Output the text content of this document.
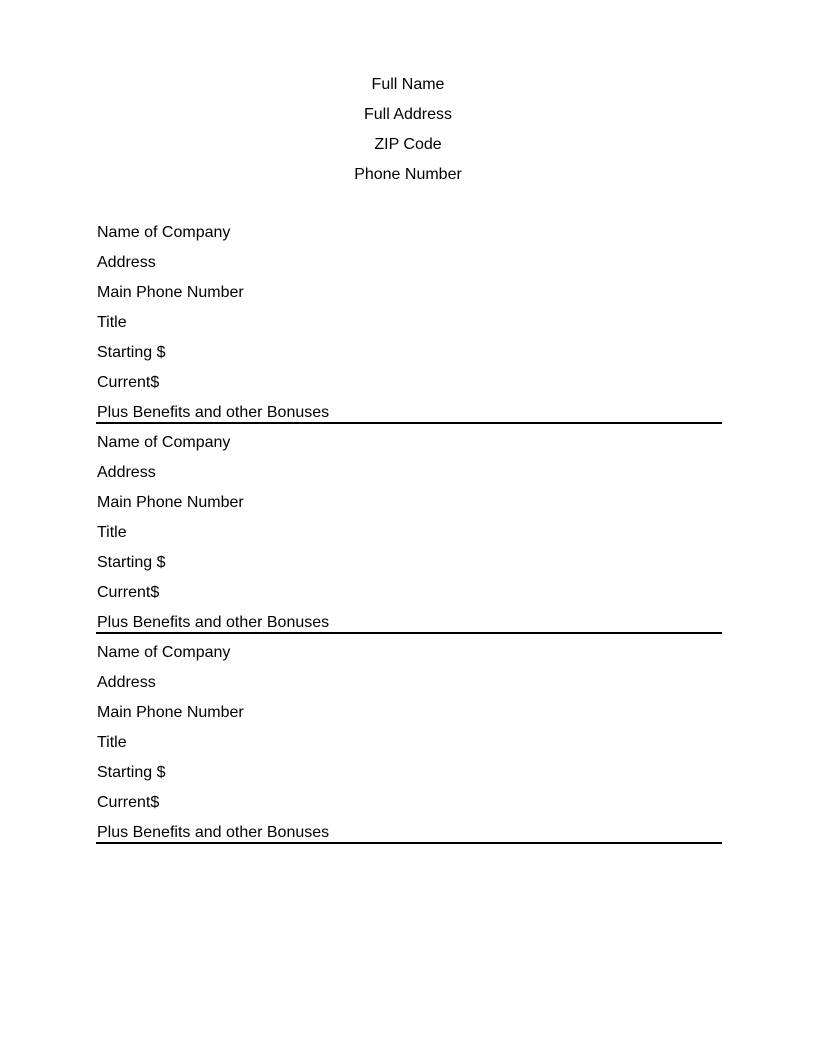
Full Name
Full Address
ZIP Code
Phone Number
Name of Company
Address
Main Phone Number
Title
Starting $
Current$
Plus Benefits and other Bonuses
Name of Company
Address
Main Phone Number
Title
Starting $
Current$
Plus Benefits and other Bonuses
Name of Company
Address
Main Phone Number
Title
Starting $
Current$
Plus Benefits and other Bonuses
